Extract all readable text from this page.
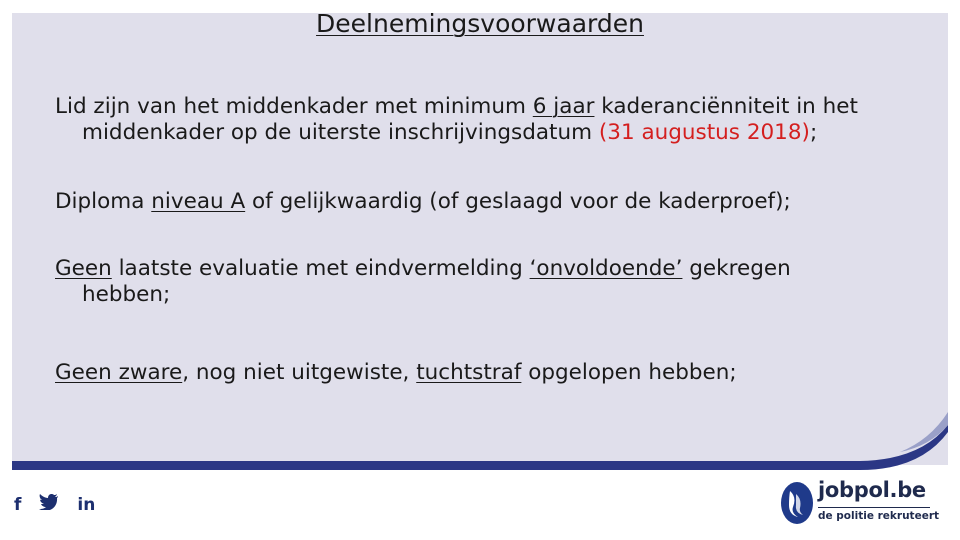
Deelnemingsvoorwaarden
Lid zijn van het middenkader met minimum 6 jaar kaderanciënniteit in het
middenkader op de uiterste inschrijvingsdatum (31 augustus 2018);
Diploma niveau A of gelijkwaardig (of geslaagd voor de kaderproef);
Geen laatste evaluatie met eindvermelding ‘onvoldoende’ gekregen
hebben;
Geen zware, nog niet uitgewiste, tuchtstraf opgelopen hebben;
f	in
jobpol.be
de politie rekruteert
